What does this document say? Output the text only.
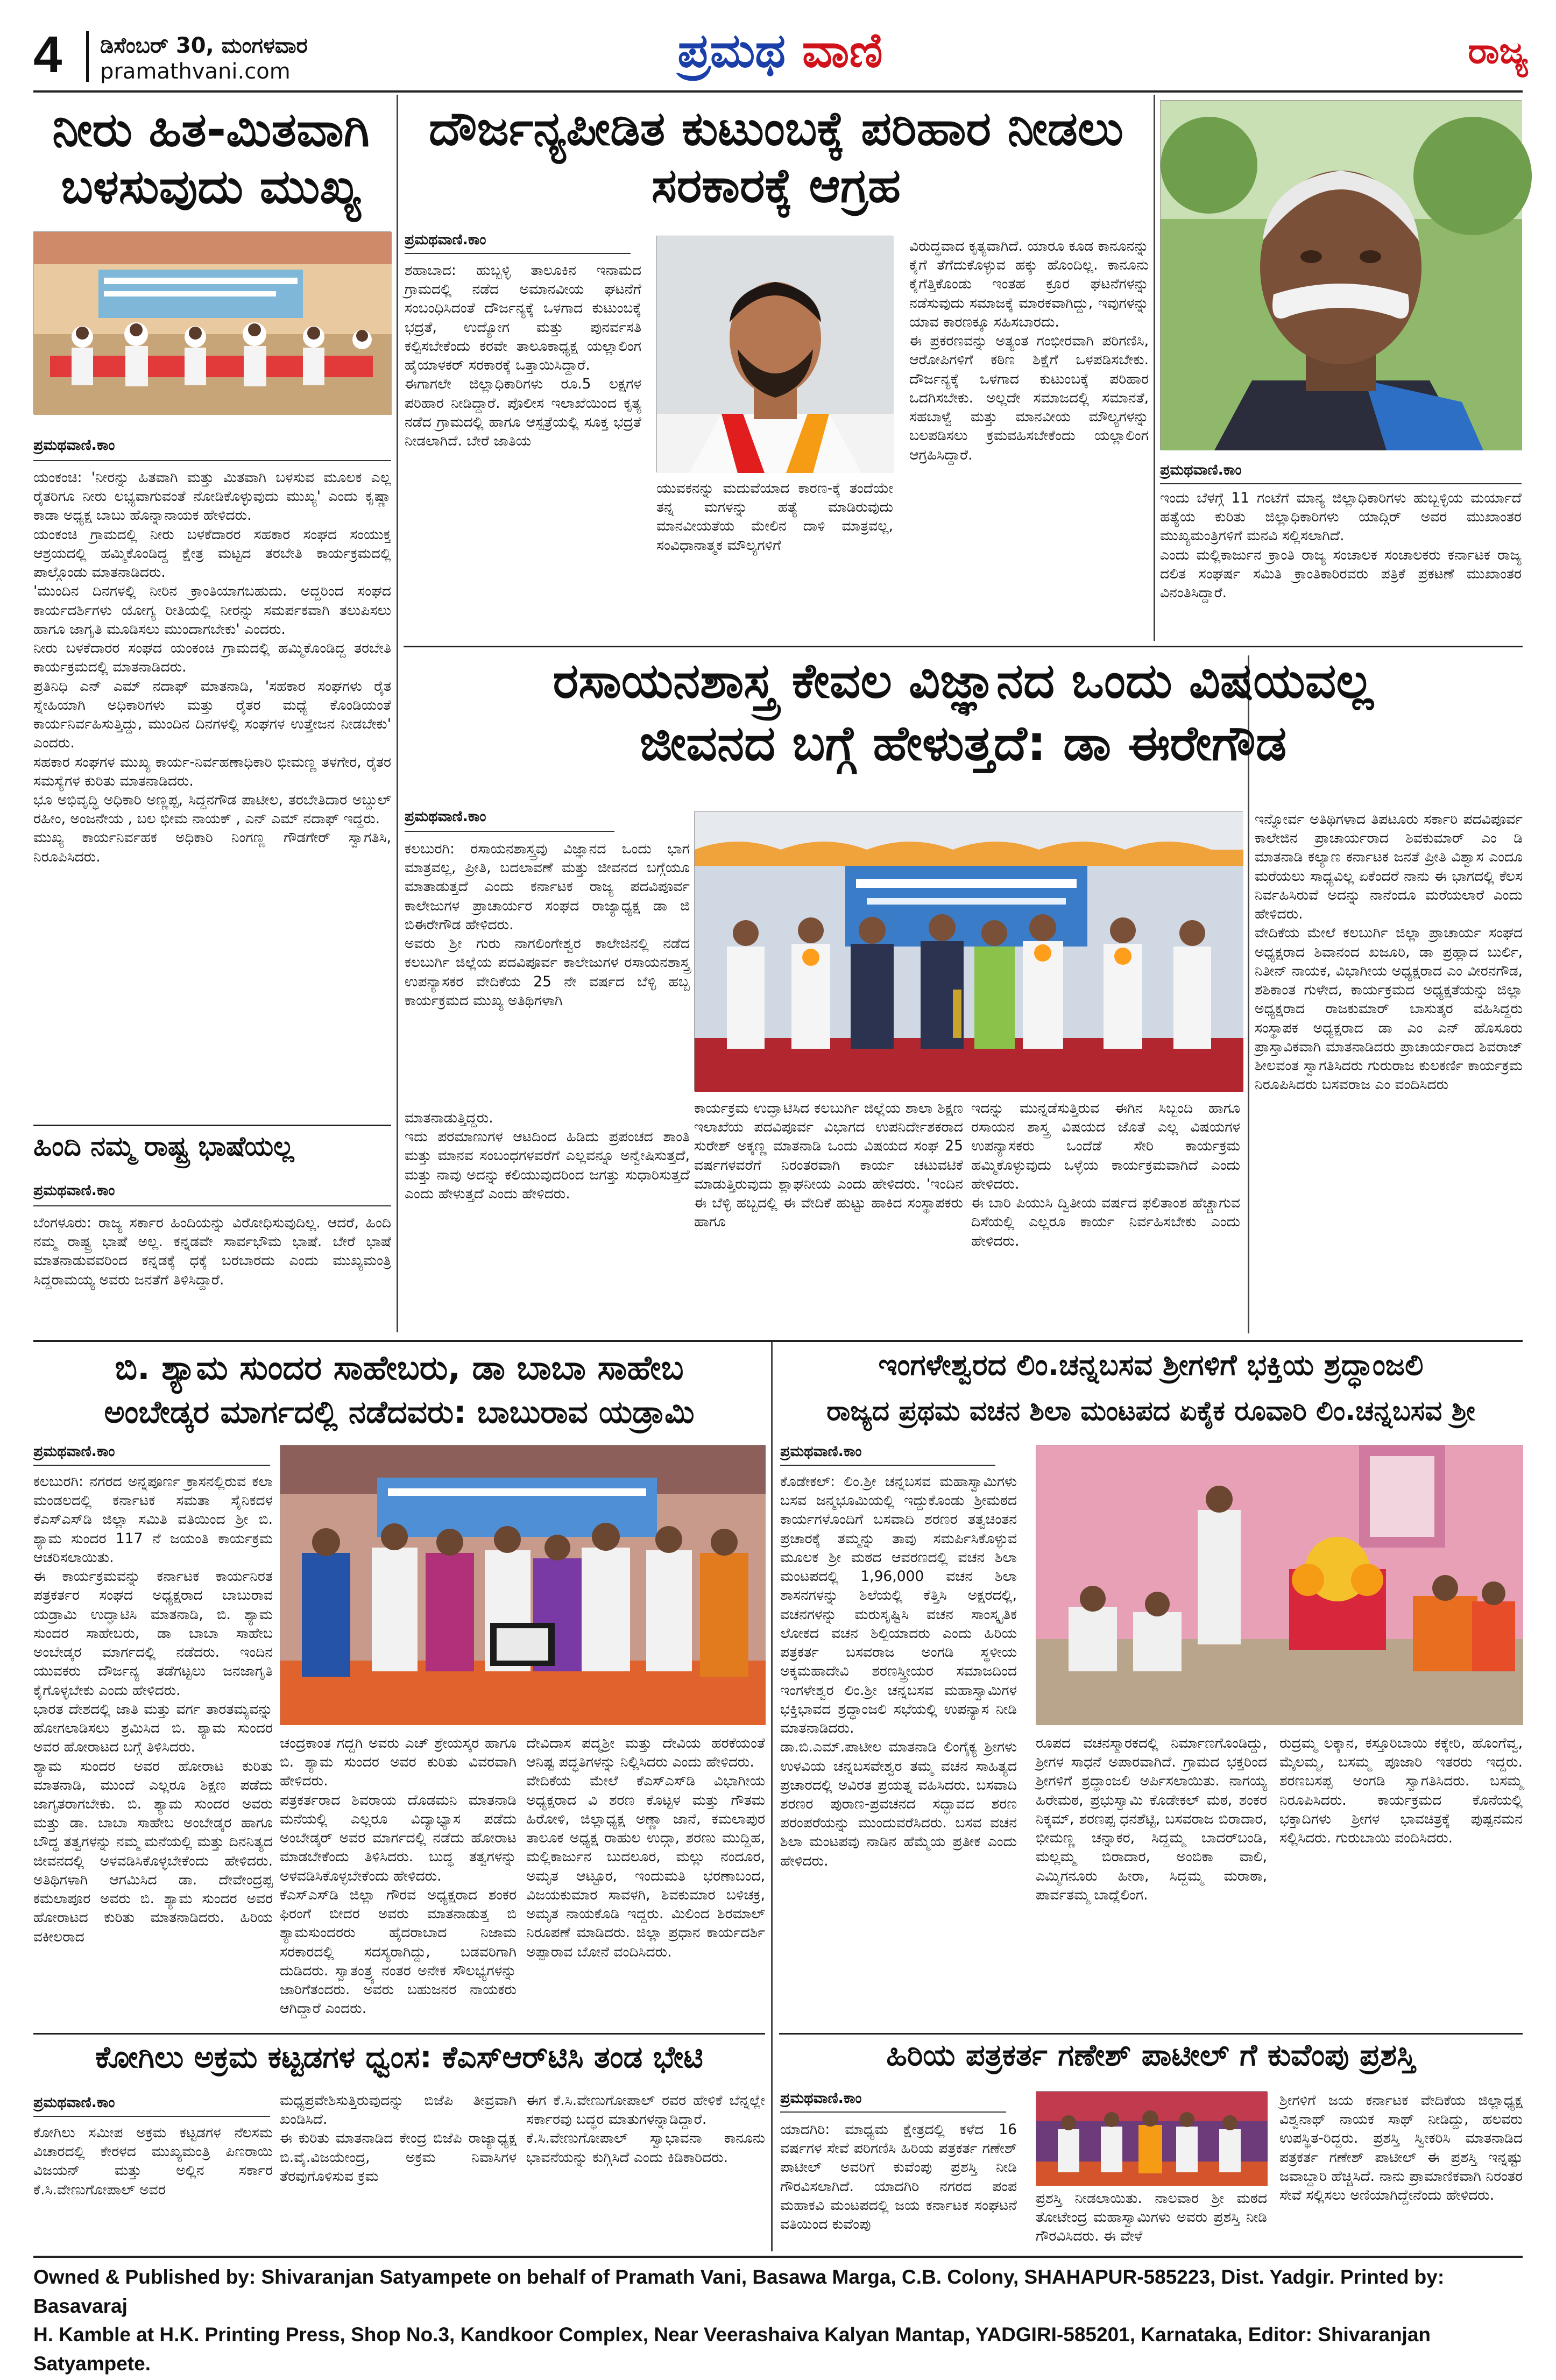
4	ಡಿಸೆಂಬರ್ 30, ಮಂಗಳವಾರ
pramathvani.com	ಪ್ರಮಥ ವಾಣಿ	ರಾಜ್ಯ
ನೀರು ಹಿತ-ಮಿತವಾಗಿ ಬಳಸುವುದು ಮುಖ್ಯ
ಪ್ರಮಥವಾಣಿ.ಕಾಂ
ಯಂಕಂಚಿ: 'ನೀರನ್ನು ಹಿತವಾಗಿ ಮತ್ತು ಮಿತವಾಗಿ ಬಳಸುವ ಮೂಲಕ ಎಲ್ಲ ರೈತರಿಗೂ ನೀರು ಲಭ್ಯವಾಗುವಂತೆ ನೋಡಿಕೊಳ್ಳುವುದು ಮುಖ್ಯ' ಎಂದು ಕೃಷ್ಣಾ ಕಾಡಾ ಅಧ್ಯಕ್ಷ ಬಾಬು ಹೊನ್ನಾನಾಯಕ ಹೇಳಿದರು.
ಯಂಕಂಚಿ ಗ್ರಾಮದಲ್ಲಿ ನೀರು ಬಳಕೆದಾರರ ಸಹಕಾರ ಸಂಘದ ಸಂಯುಕ್ತ ಆಶ್ರಯದಲ್ಲಿ ಹಮ್ಮಿಕೊಂಡಿದ್ದ ಕ್ಷೇತ್ರ ಮಟ್ಟದ ತರಬೇತಿ ಕಾರ್ಯಕ್ರಮದಲ್ಲಿ ಪಾಲ್ಗೊಂಡು ಮಾತನಾಡಿದರು.
'ಮುಂದಿನ ದಿನಗಳಲ್ಲಿ ನೀರಿನ ಕ್ರಾಂತಿಯಾಗಬಹುದು. ಅದ್ದರಿಂದ ಸಂಘದ ಕಾರ್ಯದರ್ಶಿಗಳು ಯೋಗ್ಯ ರೀತಿಯಲ್ಲಿ ನೀರನ್ನು ಸಮರ್ಪಕವಾಗಿ ತಲುಪಿಸಲು ಹಾಗೂ ಜಾಗೃತಿ ಮೂಡಿಸಲು ಮುಂದಾಗಬೇಕು' ಎಂದರು.
ನೀರು ಬಳಕೆದಾರರ ಸಂಘದ ಯಂಕಂಚಿ ಗ್ರಾಮದಲ್ಲಿ ಹಮ್ಮಿಕೊಂಡಿದ್ದ ತರಬೇತಿ ಕಾರ್ಯಕ್ರಮದಲ್ಲಿ ಮಾತನಾಡಿದರು.
ಪ್ರತಿನಿಧಿ ಎನ್ ಎಮ್ ನದಾಫ್ ಮಾತನಾಡಿ, 'ಸಹಕಾರ ಸಂಘಗಳು ರೈತ ಸ್ನೇಹಿಯಾಗಿ ಅಧಿಕಾರಿಗಳು ಮತ್ತು ರೈತರ ಮಧ್ಯೆ ಕೊಂಡಿಯಂತೆ ಕಾರ್ಯನಿರ್ವಹಿಸುತ್ತಿದ್ದು, ಮುಂದಿನ ದಿನಗಳಲ್ಲಿ ಸಂಘಗಳ ಉತ್ತೇಜನ ನೀಡಬೇಕು' ಎಂದರು.
ಸಹಕಾರ ಸಂಘಗಳ ಮುಖ್ಯ ಕಾರ್ಯ-ನಿರ್ವಹಣಾಧಿಕಾರಿ ಭೀಮಣ್ಣ ತಳಗೇರ, ರೈತರ ಸಮಸ್ಯೆಗಳ ಕುರಿತು ಮಾತನಾಡಿದರು.
ಭೂ ಅಭಿವೃದ್ಧಿ ಅಧಿಕಾರಿ ಅಣ್ಣಪ್ಪ, ಸಿದ್ದನಗೌಡ ಪಾಟೀಲ, ತರಬೇತಿದಾರ ಅಬ್ದುಲ್ ರಹೀಂ, ಅಂಜನೇಯ , ಬಲ ಭೀಮ ನಾಯಕ್ , ಎನ್ ಎಮ್ ನದಾಫ್ ಇದ್ದರು.
ಮುಖ್ಯ ಕಾರ್ಯನಿರ್ವಹಕ ಅಧಿಕಾರಿ ನಿಂಗಣ್ಣ ಗೌಡಗೇರ್ ಸ್ವಾಗತಿಸಿ, ನಿರೂಪಿಸಿದರು.
ಹಿಂದಿ ನಮ್ಮ ರಾಷ್ಟ್ರ ಭಾಷೆಯಲ್ಲ
ಪ್ರಮಥವಾಣಿ.ಕಾಂ
ಬೆಂಗಳೂರು: ರಾಜ್ಯ ಸರ್ಕಾರ ಹಿಂದಿಯನ್ನು ವಿರೋಧಿಸುವುದಿಲ್ಲ. ಆದರೆ, ಹಿಂದಿ ನಮ್ಮ ರಾಷ್ಟ್ರ ಭಾಷೆ ಅಲ್ಲ. ಕನ್ನಡವೇ ಸಾರ್ವಭೌಮ ಭಾಷೆ. ಬೇರೆ ಭಾಷೆ ಮಾತನಾಡುವವರಿಂದ ಕನ್ನಡಕ್ಕೆ ಧಕ್ಕೆ ಬರಬಾರದು ಎಂದು ಮುಖ್ಯಮಂತ್ರಿ ಸಿದ್ದರಾಮಯ್ಯ ಅವರು ಜನತೆಗೆ ತಿಳಿಸಿದ್ದಾರೆ.
ದೌರ್ಜನ್ಯಪೀಡಿತ ಕುಟುಂಬಕ್ಕೆ ಪರಿಹಾರ ನೀಡಲು ಸರಕಾರಕ್ಕೆ ಆಗ್ರಹ
ಪ್ರಮಥವಾಣಿ.ಕಾಂ
ಶಹಾಬಾದ: ಹುಬ್ಬಳ್ಳಿ ತಾಲೂಕಿನ ಇನಾಮದ ಗ್ರಾಮದಲ್ಲಿ ನಡೆದ ಅಮಾನವೀಯ ಘಟನೆಗೆ ಸಂಬಂಧಿಸಿದಂತೆ ದೌರ್ಜನ್ಯಕ್ಕೆ ಒಳಗಾದ ಕುಟುಂಬಕ್ಕೆ ಭದ್ರತೆ, ಉದ್ಯೋಗ ಮತ್ತು ಪುನರ್ವಸತಿ ಕಲ್ಪಿಸಬೇಕೆಂದು ಕರವೇ ತಾಲೂಕಾಧ್ಯಕ್ಷ ಯಲ್ಲಾಲಿಂಗ ಹೈಯಾಳಕರ್ ಸರಕಾರಕ್ಕೆ ಒತ್ತಾಯಿಸಿದ್ದಾರೆ.
ಈಗಾಗಲೇ ಜಿಲ್ಲಾಧಿಕಾರಿಗಳು ರೂ.5 ಲಕ್ಷಗಳ ಪರಿಹಾರ ನೀಡಿದ್ದಾರೆ. ಪೊಲೀಸ ಇಲಾಖೆಯಿಂದ ಕೃತ್ಯ ನಡೆದ ಗ್ರಾಮದಲ್ಲಿ ಹಾಗೂ ಆಸ್ಪತ್ರೆಯಲ್ಲಿ ಸೂಕ್ತ ಭದ್ರತೆ ನೀಡಲಾಗಿದೆ. ಬೇರೆ ಜಾತಿಯ
ಯುವಕನನ್ನು ಮದುವೆಯಾದ ಕಾರಣ-ಕ್ಕೆ ತಂದೆಯೇ ತನ್ನ ಮಗಳನ್ನು ಹತ್ಯೆ ಮಾಡಿರುವುದು ಮಾನವೀಯತೆಯ ಮೇಲಿನ ದಾಳಿ ಮಾತ್ರವಲ್ಲ, ಸಂವಿಧಾನಾತ್ಮಕ ಮೌಲ್ಯಗಳಿಗೆ
ವಿರುದ್ಧವಾದ ಕೃತ್ಯವಾಗಿದೆ. ಯಾರೂ ಕೂಡ ಕಾನೂನನ್ನು ಕೈಗೆ ತೆಗೆದುಕೊಳ್ಳುವ ಹಕ್ಕು ಹೊಂದಿಲ್ಲ. ಕಾನೂನು ಕೈಗೆತ್ತಿಕೊಂಡು ಇಂತಹ ಕ್ರೂರ ಘಟನೆಗಳನ್ನು ನಡೆಸುವುದು ಸಮಾಜಕ್ಕೆ ಮಾರಕವಾಗಿದ್ದು, ಇವುಗಳನ್ನು ಯಾವ ಕಾರಣಕ್ಕೂ ಸಹಿಸಬಾರದು.
ಈ ಪ್ರಕರಣವನ್ನು ಅತ್ಯಂತ ಗಂಭೀರವಾಗಿ ಪರಿಗಣಿಸಿ, ಆರೋಪಿಗಳಿಗೆ ಕಠಿಣ ಶಿಕ್ಷೆಗೆ ಒಳಪಡಿಸಬೇಕು. ದೌರ್ಜನ್ಯಕ್ಕೆ ಒಳಗಾದ ಕುಟುಂಬಕ್ಕೆ ಪರಿಹಾರ ಒದಗಿಸಬೇಕು. ಅಲ್ಲದೇ ಸಮಾಜದಲ್ಲಿ ಸಮಾನತೆ, ಸಹಬಾಳ್ವೆ ಮತ್ತು ಮಾನವೀಯ ಮೌಲ್ಯಗಳನ್ನು ಬಲಪಡಿಸಲು ಕ್ರಮವಹಿಸಬೇಕೆಂದು ಯಲ್ಲಾಲಿಂಗ ಆಗ್ರಹಿಸಿದ್ದಾರೆ.
ಪ್ರಮಥವಾಣಿ.ಕಾಂ
ಇಂದು ಬೆಳಗ್ಗೆ 11 ಗಂಟೆಗೆ ಮಾನ್ಯ ಜಿಲ್ಲಾಧಿಕಾರಿಗಳು ಹುಬ್ಬಳ್ಳಿಯ ಮರ್ಯಾದೆ ಹತ್ಯೆಯ ಕುರಿತು ಜಿಲ್ಲಾಧಿಕಾರಿಗಳು ಯಾದ್ಗಿರ್ ಅವರ ಮುಖಾಂತರ ಮುಖ್ಯಮಂತ್ರಿಗಳಿಗೆ ಮನವಿ ಸಲ್ಲಿಸಲಾಗಿದೆ.
ಎಂದು ಮಲ್ಲಿಕಾರ್ಜುನ ಕ್ರಾಂತಿ ರಾಜ್ಯ ಸಂಚಾಲಕ ಸಂಚಾಲಕರು ಕರ್ನಾಟಕ ರಾಜ್ಯ ದಲಿತ ಸಂಘರ್ಷ ಸಮಿತಿ ಕ್ರಾಂತಿಕಾರಿರವರು ಪತ್ರಿಕೆ ಪ್ರಕಟಣೆ ಮುಖಾಂತರ ವಿನಂತಿಸಿದ್ದಾರೆ.
ರಸಾಯನಶಾಸ್ತ್ರ ಕೇವಲ ವಿಜ್ಞಾನದ ಒಂದು ವಿಷಯವಲ್ಲ
ಜೀವನದ ಬಗ್ಗೆ ಹೇಳುತ್ತದೆ: ಡಾ ಈರೇಗೌಡ
ಪ್ರಮಥವಾಣಿ.ಕಾಂ
ಕಲಬುರಗಿ: ರಸಾಯನಶಾಸ್ತ್ರವು ವಿಜ್ಞಾನದ ಒಂದು ಭಾಗ ಮಾತ್ರವಲ್ಲ, ಪ್ರೀತಿ, ಬದಲಾವಣೆ ಮತ್ತು ಜೀವನದ ಬಗ್ಗೆಯೂ ಮಾತಾಡುತ್ತದೆ ಎಂದು ಕರ್ನಾಟಕ ರಾಜ್ಯ ಪದವಿಪೂರ್ವ ಕಾಲೇಜುಗಳ ಪ್ರಾಚಾರ್ಯರ ಸಂಘದ ರಾಜ್ಯಾಧ್ಯಕ್ಷ ಡಾ ಜಿ ಬಿಈರೇಗೌಡ ಹೇಳಿದರು.
ಅವರು ಶ್ರೀ ಗುರು ನಾಗಲಿಂಗೇಶ್ವರ ಕಾಲೇಜಿನಲ್ಲಿ ನಡೆದ ಕಲಬುರ್ಗಿ ಜಿಲ್ಲೆಯ ಪದವಿಪೂರ್ವ ಕಾಲೇಜುಗಳ ರಸಾಯನಶಾಸ್ತ್ರ ಉಪನ್ಯಾಸಕರ ವೇದಿಕೆಯ 25 ನೇ ವರ್ಷದ ಬೆಳ್ಳಿ ಹಬ್ಬ ಕಾರ್ಯಕ್ರಮದ ಮುಖ್ಯ ಅತಿಥಿಗಳಾಗಿ
ಮಾತನಾಡುತ್ತಿದ್ದರು.
ಇದು ಪರಮಾಣುಗಳ ಆಟದಿಂದ ಹಿಡಿದು ಪ್ರಪಂಚದ ಶಾಂತಿ ಮತ್ತು ಮಾನವ ಸಂಬಂಧಗಳವರೆಗೆ ಎಲ್ಲವನ್ನೂ ಅನ್ವೇಷಿಸುತ್ತದೆ, ಮತ್ತು ನಾವು ಅದನ್ನು ಕಲಿಯುವುದರಿಂದ ಜಗತ್ತು ಸುಧಾರಿಸುತ್ತದೆ ಎಂದು ಹೇಳುತ್ತದೆ ಎಂದು ಹೇಳಿದರು.
ಕಾರ್ಯಕ್ರಮ ಉದ್ಘಾಟಿಸಿದ ಕಲಬುರ್ಗಿ ಜಿಲ್ಲೆಯ ಶಾಲಾ ಶಿಕ್ಷಣ ಇಲಾಖೆಯ ಪದವಿಪೂರ್ವ ವಿಭಾಗದ ಉಪನಿರ್ದೇಶಕರಾದ ಸುರೇಶ್ ಅಕ್ಕಣ್ಣ ಮಾತನಾಡಿ ಒಂದು ವಿಷಯದ ಸಂಘ 25 ವರ್ಷಗಳವರೆಗೆ ನಿರಂತರವಾಗಿ ಕಾರ್ಯ ಚಟುವಟಿಕೆ ಮಾಡುತ್ತಿರುವುದು ಶ್ಲಾಘನೀಯ ಎಂದು ಹೇಳಿದರು. 'ಇಂದಿನ ಈ ಬೆಳ್ಳಿ ಹಬ್ಬದಲ್ಲಿ ಈ ವೇದಿಕೆ ಹುಟ್ಟು ಹಾಕಿದ ಸಂಸ್ಥಾಪಕರು ಹಾಗೂ
ಇದನ್ನು ಮುನ್ನಡೆಸುತ್ತಿರುವ ಈಗಿನ ಸಿಬ್ಬಂದಿ ಹಾಗೂ ರಸಾಯನ ಶಾಸ್ತ್ರ ವಿಷಯದ ಜೊತೆ ಎಲ್ಲ ವಿಷಯಗಳ ಉಪನ್ಯಾಸಕರು ಒಂದೆಡೆ ಸೇರಿ ಕಾರ್ಯಕ್ರಮ ಹಮ್ಮಿಕೊಳ್ಳುವುದು ಒಳ್ಳೆಯ ಕಾರ್ಯಕ್ರಮವಾಗಿದೆ ಎಂದು ಹೇಳಿದರು.
ಈ ಬಾರಿ ಪಿಯುಸಿ ದ್ವಿತೀಯ ವರ್ಷದ ಫಲಿತಾಂಶ ಹೆಚ್ಚಾಗುವ ದಿಸೆಯಲ್ಲಿ ಎಲ್ಲರೂ ಕಾರ್ಯ ನಿರ್ವಹಿಸಬೇಕು ಎಂದು ಹೇಳಿದರು.
ಇನ್ನೋರ್ವ ಅತಿಥಿಗಳಾದ ತಿಪಟೂರು ಸರ್ಕಾರಿ ಪದವಿಪೂರ್ವ ಕಾಲೇಜಿನ ಪ್ರಾಚಾರ್ಯರಾದ ಶಿವಕುಮಾರ್ ಎಂ ಡಿ ಮಾತನಾಡಿ ಕಲ್ಯಾಣ ಕರ್ನಾಟಕ ಜನತೆ ಪ್ರೀತಿ ವಿಶ್ವಾಸ ಎಂದೂ ಮರೆಯಲು ಸಾಧ್ಯವಿಲ್ಲ ಏಕೆಂದರೆ ನಾನು ಈ ಭಾಗದಲ್ಲಿ ಕೆಲಸ ನಿರ್ವಹಿಸಿರುವೆ ಅದನ್ನು ನಾನೆಂದೂ ಮರೆಯಲಾರೆ ಎಂದು ಹೇಳಿದರು.
ವೇದಿಕೆಯ ಮೇಲೆ ಕಲಬುರ್ಗಿ ಜಿಲ್ಲಾ ಪ್ರಾಚಾರ್ಯ ಸಂಘದ ಅಧ್ಯಕ್ಷರಾದ ಶಿವಾನಂದ ಖಜೂರಿ, ಡಾ ಪ್ರಹ್ಲಾದ ಬುರ್ಲಿ, ನಿತೀನ್ ನಾಯಕ, ವಿಭಾಗೀಯ ಅಧ್ಯಕ್ಷರಾದ ಎಂ ವೀರನಗೌಡ, ಶಶಿಕಾಂತ ಗುಳೇದ, ಕಾರ್ಯಕ್ರಮದ ಅಧ್ಯಕ್ಷತೆಯನ್ನು ಜಿಲ್ಲಾ ಅಧ್ಯಕ್ಷರಾದ ರಾಜಕುಮಾರ್ ಬಾಸುತ್ಕರ ವಹಿಸಿದ್ದರು ಸಂಸ್ಥಾಪಕ ಅಧ್ಯಕ್ಷರಾದ ಡಾ ಎಂ ಎನ್ ಹೊಸೂರು ಪ್ರಾಸ್ತಾವಿಕವಾಗಿ ಮಾತನಾಡಿದರು ಪ್ರಾಚಾರ್ಯರಾದ ಶಿವರಾಜ್ ಶೀಲವಂತ ಸ್ವಾಗತಿಸಿದರು ಗುರುರಾಜ ಕುಲಕರ್ಣಿ ಕಾರ್ಯಕ್ರಮ ನಿರೂಪಿಸಿದರು ಬಸವರಾಜ ಎಂ ವಂದಿಸಿದರು
ಬಿ. ಶ್ಯಾಮ ಸುಂದರ ಸಾಹೇಬರು, ಡಾ ಬಾಬಾ ಸಾಹೇಬ
ಅಂಬೇಡ್ಕರ ಮಾರ್ಗದಲ್ಲಿ ನಡೆದವರು: ಬಾಬುರಾವ ಯಡ್ರಾಮಿ
ಪ್ರಮಥವಾಣಿ.ಕಾಂ
ಕಲಬುರಗಿ: ನಗರದ ಅನ್ನಪೂರ್ಣ ಕ್ರಾಸನಲ್ಲಿರುವ ಕಲಾ ಮಂಡಲದಲ್ಲಿ ಕರ್ನಾಟಕ ಸಮತಾ ಸೈನಿಕದಳ ಕೆಎಸ್ಎಸ್‌ಡಿ ಜಿಲ್ಲಾ ಸಮಿತಿ ವತಿಯಿಂದ ಶ್ರೀ ಬಿ. ಶ್ಯಾಮ ಸುಂದರ 117 ನೆ ಜಯಂತಿ ಕಾರ್ಯಕ್ರಮ ಆಚರಿಸಲಾಯಿತು.
ಈ ಕಾರ್ಯಕ್ರಮವನ್ನು ಕರ್ನಾಟಕ ಕಾರ್ಯನಿರತ ಪತ್ರಕರ್ತರ ಸಂಘದ ಅಧ್ಯಕ್ಷರಾದ ಬಾಬುರಾವ ಯಡ್ರಾಮಿ ಉದ್ಘಾಟಿಸಿ ಮಾತನಾಡಿ, ಬಿ. ಶ್ಯಾಮ ಸುಂದರ ಸಾಹೇಬರು, ಡಾ ಬಾಬಾ ಸಾಹೇಬ ಅಂಬೇಡ್ಕರ ಮಾರ್ಗದಲ್ಲಿ ನಡೆದರು. ಇಂದಿನ ಯುವಕರು ದೌರ್ಜನ್ಯ ತಡೆಗಟ್ಟಲು ಜನಜಾಗೃತಿ ಕೈಗೊಳ್ಳಬೇಕು ಎಂದು ಹೇಳಿದರು.
ಭಾರತ ದೇಶದಲ್ಲಿ ಜಾತಿ ಮತ್ತು ವರ್ಗ ತಾರತಮ್ಯವನ್ನು ಹೋಗಲಾಡಿಸಲು ಶ್ರಮಿಸಿದ ಬಿ. ಶ್ಯಾಮ ಸುಂದರ ಅವರ ಹೋರಾಟದ ಬಗ್ಗೆ ತಿಳಿಸಿದರು.
ಶ್ಯಾಮ ಸುಂದರ ಅವರ ಹೋರಾಟ ಕುರಿತು ಮಾತನಾಡಿ, ಮುಂದೆ ಎಲ್ಲರೂ ಶಿಕ್ಷಣ ಪಡೆದು ಜಾಗೃತರಾಗಬೇಕು. ಬಿ. ಶ್ಯಾಮ ಸುಂದರ ಅವರು ಮತ್ತು ಡಾ. ಬಾಬಾ ಸಾಹೇಬ ಅಂಬೇಡ್ಕರ ಹಾಗೂ ಬೌದ್ಧ ತತ್ವಗಳನ್ನು ನಮ್ಮ ಮನೆಯಲ್ಲಿ ಮತ್ತು ದಿನನಿತ್ಯದ ಜೀವನದಲ್ಲಿ ಅಳವಡಿಸಿಕೊಳ್ಳಬೇಕೆಂದು ಹೇಳಿದರು. ಅತಿಥಿಗಳಾಗಿ ಆಗಮಿಸಿದ ಡಾ. ದೇವೇಂದ್ರಪ್ಪ ಕಮಲಾಪೂರ ಅವರು ಬಿ. ಶ್ಯಾಮ ಸುಂದರ ಅವರ ಹೋರಾಟದ ಕುರಿತು ಮಾತನಾಡಿದರು. ಹಿರಿಯ ವಕೀಲರಾದ
ಚಂದ್ರಕಾಂತ ಗದ್ದಗಿ ಅವರು ಎಚ್ ಶ್ರೇಯಸ್ಕರ ಹಾಗೂ ಬಿ. ಶ್ಯಾಮ ಸುಂದರ ಅವರ ಕುರಿತು ವಿವರವಾಗಿ ಹೇಳಿದರು.
ಪತ್ರಕರ್ತರಾದ ಶಿವರಾಯ ದೊಡಮನಿ ಮಾತನಾಡಿ ಮನೆಯಲ್ಲಿ ಎಲ್ಲರೂ ವಿದ್ಯಾಭ್ಯಾಸ ಪಡೆದು ಅಂಬೇಡ್ಕರ್ ಅವರ ಮಾರ್ಗದಲ್ಲಿ ನಡೆದು ಹೋರಾಟ ಮಾಡಬೇಕೆಂದು ತಿಳಿಸಿದರು. ಬುದ್ಧ ತತ್ವಗಳನ್ನು ಅಳವಡಿಸಿಕೊಳ್ಳಬೇಕೆಂದು ಹೇಳಿದರು.
ಕೆಎಸ್ಎಸ್‌ಡಿ ಜಿಲ್ಲಾ ಗೌರವ ಅಧ್ಯಕ್ಷರಾದ ಶಂಕರ ಫಿರಂಗೆ ಬೀದರ ಅವರು ಮಾತನಾಡುತ್ತ ಬಿ ಶ್ಯಾಮಸುಂದರರು ಹೈದರಾಬಾದ ನಿಜಾಮ ಸರಕಾರದಲ್ಲಿ ಸದಸ್ಯರಾಗಿದ್ದು, ಬಡವರಿಗಾಗಿ ದುಡಿದರು. ಸ್ವಾತಂತ್ರ್ಯ ನಂತರ ಅನೇಕ ಸೌಲಭ್ಯಗಳನ್ನು ಜಾರಿಗೆತಂದರು. ಅವರು ಬಹುಜನರ ನಾಯಕರು ಆಗಿದ್ದಾರೆ ಎಂದರು.
ದೇವಿದಾಸ ಪದ್ಮಶ್ರೀ ಮತ್ತು ದೇವಿಯ ಹರಕೆಯಂತೆ ಆನಿಷ್ಟ ಪದ್ಧತಿಗಳನ್ನು ನಿಲ್ಲಿಸಿದರು ಎಂದು ಹೇಳಿದರು.
ವೇದಿಕೆಯ ಮೇಲೆ ಕೆಎಸ್ಎಸ್‌ಡಿ ವಿಭಾಗೀಯ ಅಧ್ಯಕ್ಷರಾದ ವಿ ಶರಣ ಕೊಟ್ಟಳ ಮತ್ತು ಗೌತಮ ಹಿರೋಳಿ, ಜಿಲ್ಲಾಧ್ಯಕ್ಷ ಅಣ್ಣಾ ಜಾನೆ, ಕಮಲಾಪುರ ತಾಲೂಕ ಅಧ್ಯಕ್ಷ ರಾಹುಲ ಉದ್ಗಾ, ಶರಣು ಮುದ್ದಿಹ, ಮಲ್ಲಿಕಾರ್ಜುನ ಬುದಲೂರ, ಮಲ್ಲು ನಂದೂರ, ಅಮೃತ ಆಟ್ಟೂರ, ಇಂದುಮತಿ ಭರಣಾಬಂದ, ವಿಜಯಕುಮಾರ ಸಾವಳಗಿ, ಶಿವಕುಮಾರ ಬಳಿಚಕ್ರ, ಅಮೃತ ನಾಯಕೊಡಿ ಇದ್ದರು. ಮಿಲಿಂದ ಶಿರಮಾಲ್ ನಿರೂಪಣೆ ಮಾಡಿದರು. ಜಿಲ್ಲಾ ಪ್ರಧಾನ ಕಾರ್ಯದರ್ಶಿ ಅಪ್ಪಾರಾವ ಬೋನೆ ವಂದಿಸಿದರು.
ಕೋಗಿಲು ಅಕ್ರಮ ಕಟ್ಟಡಗಳ ಧ್ವಂಸ: ಕೆಎಸ್‌ಆರ್‌ಟಿಸಿ ತಂಡ ಭೇಟಿ
ಪ್ರಮಥವಾಣಿ.ಕಾಂ
ಕೋಗಿಲು ಸಮೀಪ ಅಕ್ರಮ ಕಟ್ಟಡಗಳ ನೆಲಸಮ ವಿಚಾರದಲ್ಲಿ ಕೇರಳದ ಮುಖ್ಯಮಂತ್ರಿ ಪಿಣರಾಯಿ ವಿಜಯನ್ ಮತ್ತು ಅಲ್ಲಿನ ಸರ್ಕಾರ ಕೆ.ಸಿ.ವೇಣುಗೋಪಾಲ್ ಅವರ
ಮಧ್ಯಪ್ರವೇಶಿಸುತ್ತಿರುವುದನ್ನು ಬಿಜೆಪಿ ತೀವ್ರವಾಗಿ ಖಂಡಿಸಿದೆ.
ಈ ಕುರಿತು ಮಾತನಾಡಿದ ಕೇಂದ್ರ ಬಿಜೆಪಿ ರಾಜ್ಯಾಧ್ಯಕ್ಷ ಬಿ.ವೈ.ವಿಜಯೇಂದ್ರ, ಅಕ್ರಮ ನಿವಾಸಿಗಳ ತೆರವುಗೊಳಿಸುವ ಕ್ರಮ
ಈಗ ಕೆ.ಸಿ.ವೇಣುಗೋಪಾಲ್ ರವರ ಹೇಳಿಕೆ ಬೆನ್ನಲ್ಲೇ ಸರ್ಕಾರವು ಬದ್ಧರ ಮಾತುಗಳನ್ನಾಡಿದ್ದಾರೆ.
ಕೆ.ಸಿ.ವೇಣುಗೋಪಾಲ್ ಸ್ವಾಭಾವನಾ ಕಾನೂನು ಭಾವನೆಯನ್ನು ಕುಗ್ಗಿಸಿದೆ ಎಂದು ಕಿಡಿಕಾರಿದರು.
ಇಂಗಳೇಶ್ವರದ ಲಿಂ.ಚನ್ನಬಸವ ಶ್ರೀಗಳಿಗೆ ಭಕ್ತಿಯ ಶ್ರದ್ಧಾಂಜಲಿ
ರಾಜ್ಯದ ಪ್ರಥಮ ವಚನ ಶಿಲಾ ಮಂಟಪದ ಏಕೈಕ ರೂವಾರಿ ಲಿಂ.ಚನ್ನಬಸವ ಶ್ರೀ
ಪ್ರಮಥವಾಣಿ.ಕಾಂ
ಕೊಡೇಕಲ್: ಲಿಂ.ಶ್ರೀ ಚನ್ನಬಸವ ಮಹಾಸ್ವಾಮಿಗಳು ಬಸವ ಜನ್ಮಭೂಮಿಯಲ್ಲಿ ಇದ್ದುಕೊಂಡು ಶ್ರೀಮಠದ ಕಾರ್ಯಗಳೊಂದಿಗೆ ಬಸವಾದಿ ಶರಣರ ತತ್ವಚಿಂತನ ಪ್ರಚಾರಕ್ಕೆ ತಮ್ಮನ್ನು ತಾವು ಸಮರ್ಪಿಸಿಕೊಳ್ಳುವ ಮೂಲಕ ಶ್ರೀ ಮಠದ ಆವರಣದಲ್ಲಿ ವಚನ ಶಿಲಾ ಮಂಟಪದಲ್ಲಿ 1,96,000 ವಚನ ಶಿಲಾ ಶಾಸನಗಳನ್ನು ಶಿಲೆಯಲ್ಲಿ ಕೆತ್ತಿಸಿ ಅಕ್ಷರದಲ್ಲಿ, ವಚನಗಳನ್ನು ಮರುಸೃಷ್ಟಿಸಿ ವಚನ ಸಾಂಸ್ಕೃತಿಕ ಲೋಕದ ವಚನ ಶಿಲ್ಪಿಯಾದರು ಎಂದು ಹಿರಿಯ ಪತ್ರಕರ್ತ ಬಸವರಾಜ ಅಂಗಡಿ ಸ್ಥಳೀಯ ಅಕ್ಕಮಹಾದೇವಿ ಶರಣಸ್ತ್ರೀಯರ ಸಮಾಜದಿಂದ ಇಂಗಳೇಶ್ವರ ಲಿಂ.ಶ್ರೀ ಚನ್ನಬಸವ ಮಹಾಸ್ವಾಮಿಗಳ ಭಕ್ತಿಭಾವದ ಶ್ರದ್ಧಾಂಜಲಿ ಸಭೆಯಲ್ಲಿ ಉಪನ್ಯಾಸ ನೀಡಿ ಮಾತನಾಡಿದರು.
ಡಾ.ಬಿ.ಎಮ್.ಪಾಟೀಲ ಮಾತನಾಡಿ ಲಿಂಗೈಕ್ಯ ಶ್ರೀಗಳು ಉಳವಿಯ ಚನ್ನಬಸವೇಶ್ವರ ತಮ್ಮ ವಚನ ಸಾಹಿತ್ಯದ ಪ್ರಚಾರದಲ್ಲಿ ಅವಿರತ ಪ್ರಯತ್ನ ವಹಿಸಿದರು. ಬಸವಾದಿ ಶರಣರ ಪುರಾಣ-ಪ್ರವಚನದ ಸದ್ಭಾವದ ಶರಣ ಪರಂಪರೆಯನ್ನು ಮುಂದುವರೆಸಿದರು. ಬಸವ ವಚನ ಶಿಲಾ ಮಂಟಪವು ನಾಡಿನ ಹೆಮ್ಮೆಯ ಪ್ರತೀಕ ಎಂದು ಹೇಳಿದರು.
ರೂಪದ ವಚನಸ್ಮಾರಕದಲ್ಲಿ ನಿರ್ಮಾಣಗೊಂಡಿದ್ದು, ಶ್ರೀಗಳ ಸಾಧನೆ ಅಪಾರವಾಗಿದೆ. ಗ್ರಾಮದ ಭಕ್ತರಿಂದ ಶ್ರೀಗಳಿಗೆ ಶ್ರದ್ಧಾಂಜಲಿ ಅರ್ಪಿಸಲಾಯಿತು. ನಾಗಯ್ಯ ಹಿರೇಮಠ, ಪ್ರಭುಸ್ವಾಮಿ ಕೊಡೇಕಲ್ ಮಠ, ಶಂಕರ ನಿಕ್ಕಮ್, ಶರಣಪ್ಪ ಧನಶೆಟ್ಟಿ, ಬಸವರಾಜ ಬಿರಾದಾರ, ಭೀಮಣ್ಣ ಚನ್ನಾಕರ, ಸಿದ್ದಮ್ಮ ಬಾದರ್‌ಬಂಡಿ, ಮಲ್ಲಮ್ಮ ಬಿರಾದಾರ, ಅಂಬಿಕಾ ವಾಲಿ, ಎಮ್ಮಿಗನೂರು ಹೀರಾ, ಸಿದ್ದಮ್ಮ ಮರಾಠಾ, ಪಾರ್ವತಮ್ಮ ಬಾದ್ಲೆಲಿಂಗ.
ರುದ್ರಮ್ಮ ಲಕ್ಕಾನ, ಕಸ್ತೂರಿಬಾಯಿ ಕಕ್ಕೇರಿ, ಹೊಂಗೆವ್ವ, ಮೈಲಮ್ಮ, ಬಸಮ್ಮ ಪೂಜಾರಿ ಇತರರು ಇದ್ದರು. ಶರಣಬಸಪ್ಪ ಅಂಗಡಿ ಸ್ವಾಗತಿಸಿದರು. ಬಸಮ್ಮ ನಿರೂಪಿಸಿದರು. ಕಾರ್ಯಕ್ರಮದ ಕೊನೆಯಲ್ಲಿ ಭಕ್ತಾದಿಗಳು ಶ್ರೀಗಳ ಭಾವಚಿತ್ರಕ್ಕೆ ಪುಷ್ಪನಮನ ಸಲ್ಲಿಸಿದರು. ಗುರುಬಾಯಿ ವಂದಿಸಿದರು.
ಹಿರಿಯ ಪತ್ರಕರ್ತ ಗಣೇಶ್ ಪಾಟೀಲ್ ಗೆ ಕುವೆಂಪು ಪ್ರಶಸ್ತಿ
ಪ್ರಮಥವಾಣಿ.ಕಾಂ
ಯಾದಗಿರಿ: ಮಾಧ್ಯಮ ಕ್ಷೇತ್ರದಲ್ಲಿ ಕಳೆದ 16 ವರ್ಷಗಳ ಸೇವೆ ಪರಿಗಣಿಸಿ ಹಿರಿಯ ಪತ್ರಕರ್ತ ಗಣೇಶ್ ಪಾಟೀಲ್ ಅವರಿಗೆ ಕುವೆಂಪು ಪ್ರಶಸ್ತಿ ನೀಡಿ ಗೌರವಿಸಲಾಗಿದೆ. ಯಾದಗಿರಿ ನಗರದ ಪಂಪ ಮಹಾಕವಿ ಮಂಟಪದಲ್ಲಿ ಜಯ ಕರ್ನಾಟಕ ಸಂಘಟನೆ ವತಿಯಿಂದ ಕುವೆಂಪು
ಪ್ರಶಸ್ತಿ ನೀಡಲಾಯಿತು. ನಾಲವಾರ ಶ್ರೀ ಮಠದ ತೋಟೇಂದ್ರ ಮಹಾಸ್ವಾಮಿಗಳು ಅವರು ಪ್ರಶಸ್ತಿ ನೀಡಿ ಗೌರವಿಸಿದರು. ಈ ವೇಳೆ
ಶ್ರೀಗಳಿಗೆ ಜಯ ಕರ್ನಾಟಕ ವೇದಿಕೆಯ ಜಿಲ್ಲಾಧ್ಯಕ್ಷ ವಿಶ್ವನಾಥ್ ನಾಯಕ ಸಾಥ್ ನೀಡಿದ್ದು, ಹಲವರು ಉಪಸ್ಥಿತ-ರಿದ್ದರು. ಪ್ರಶಸ್ತಿ ಸ್ವೀಕರಿಸಿ ಮಾತನಾಡಿದ ಪತ್ರಕರ್ತ ಗಣೇಶ್ ಪಾಟೀಲ್ ಈ ಪ್ರಶಸ್ತಿ ಇನ್ನಷ್ಟು ಜವಾಬ್ದಾರಿ ಹೆಚ್ಚಿಸಿದೆ. ನಾನು ಪ್ರಾಮಾಣಿಕವಾಗಿ ನಿರಂತರ ಸೇವೆ ಸಲ್ಲಿಸಲು ಅಣಿಯಾಗಿದ್ದೇನೆಂದು ಹೇಳಿದರು.
Owned & Published by: Shivaranjan Satyampete on behalf of Pramath Vani, Basawa Marga, C.B. Colony, SHAHAPUR-585223, Dist. Yadgir. Printed by: Basavaraj
H. Kamble at H.K. Printing Press, Shop No.3, Kandkoor Complex, Near Veerashaiva Kalyan Mantap, YADGIRI-585201, Karnataka, Editor: Shivaranjan Satyampete.
